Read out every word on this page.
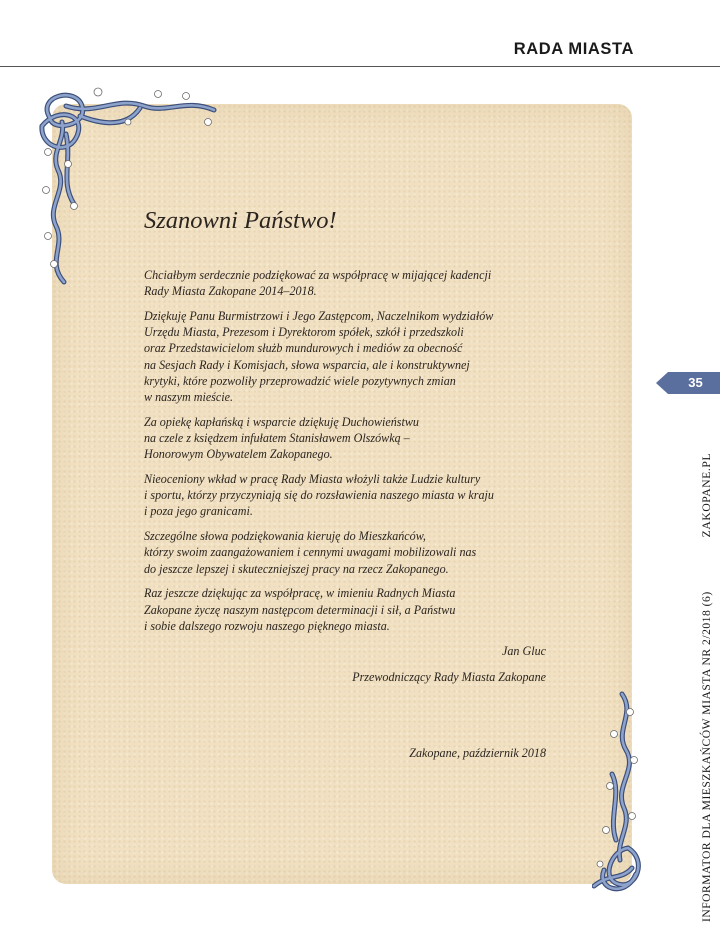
RADA MIASTA
Szanowni Państwo!

Chciałbym serdecznie podziękować za współpracę w mijającej kadencji
Rady Miasta Zakopane 2014–2018.

Dziękuję Panu Burmistrzowi i Jego Zastępcom, Naczelnikom wydziałów
Urzędu Miasta, Prezesom i Dyrektorom spółek, szkół i przedszkoli
oraz Przedstawicielom służb mundurowych i mediów za obecność
na Sesjach Rady i Komisjach, słowa wsparcia, ale i konstruktywnej
krytyki, które pozwoliły przeprowadzić wiele pozytywnych zmian
w naszym mieście.

Za opiekę kapłańską i wsparcie dziękuję Duchowieństwu
na czele z księdzem infułatem Stanisławem Olszówką –
Honorowym Obywatelem Zakopanego.

Nieoceniony wkład w pracę Rady Miasta włożyli także Ludzie kultury
i sportu, którzy przyczyniają się do rozsławienia naszego miasta w kraju
i poza jego granicami.

Szczególne słowa podziękowania kieruję do Mieszkańców,
którzy swoim zaangażowaniem i cennymi uwagami mobilizowali nas
do jeszcze lepszej i skuteczniejszej pracy na rzecz Zakopanego.

Raz jeszcze dziękując za współpracę, w imieniu Radnych Miasta
Zakopane życzę naszym następcom determinacji i sił, a Państwu
i sobie dalszego rozwoju naszego pięknego miasta.

Jan Gluc
Przewodniczący Rady Miasta Zakopane
Zakopane, październik 2018
35
INFORMATOR DLA MIESZKAŃCÓW MIASTA NR 2/2018 (6)ZAKOPANE.PL
